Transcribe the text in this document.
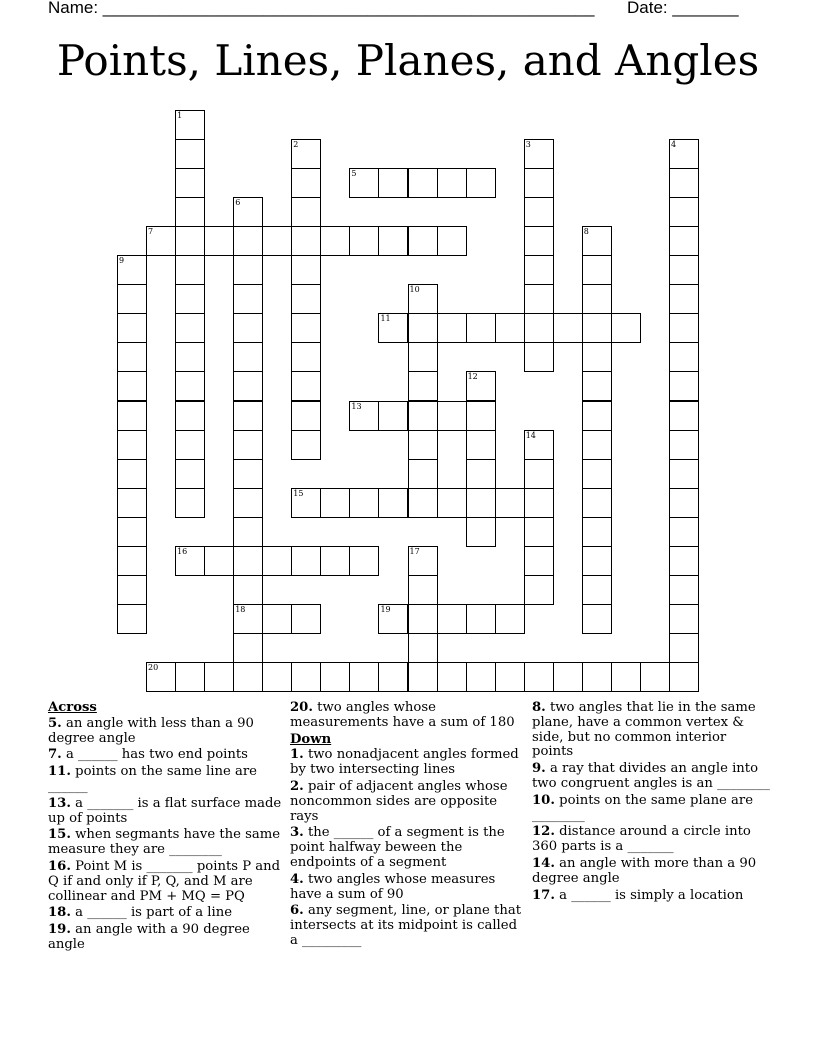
Name: ____________________________________________________ Date: _______
Points, Lines, Planes, and Angles
1
2	3	4
5
6
18
7	8
9
10
11
12
13
14
15
16	17
19
20
Across
5. an angle with less than a 90 degree angle
7. a ______ has two end points
11. points on the same line are ______
13. a _______ is a flat surface made up of points
15. when segmants have the same measure they are ________
16. Point M is _______ points P and Q if and only if P, Q, and M are collinear and PM + MQ = PQ
18. a ______ is part of a line
19. an angle with a 90 degree angle
20. two angles whose measurements have a sum of 180
Down
1. two nonadjacent angles formed by two intersecting lines
2. pair of adjacent angles whose noncommon sides are opposite rays
3. the ______ of a segment is the point halfway beween the endpoints of a segment
4. two angles whose measures have a sum of 90
6. any segment, line, or plane that intersects at its midpoint is called a _________
8. two angles that lie in the same plane, have a common vertex & side, but no common interior points
9. a ray that divides an angle into two congruent angles is an ________
10. points on the same plane are ________
12. distance around a circle into 360 parts is a _______
14. an angle with more than a 90 degree angle
17. a ______ is simply a location
